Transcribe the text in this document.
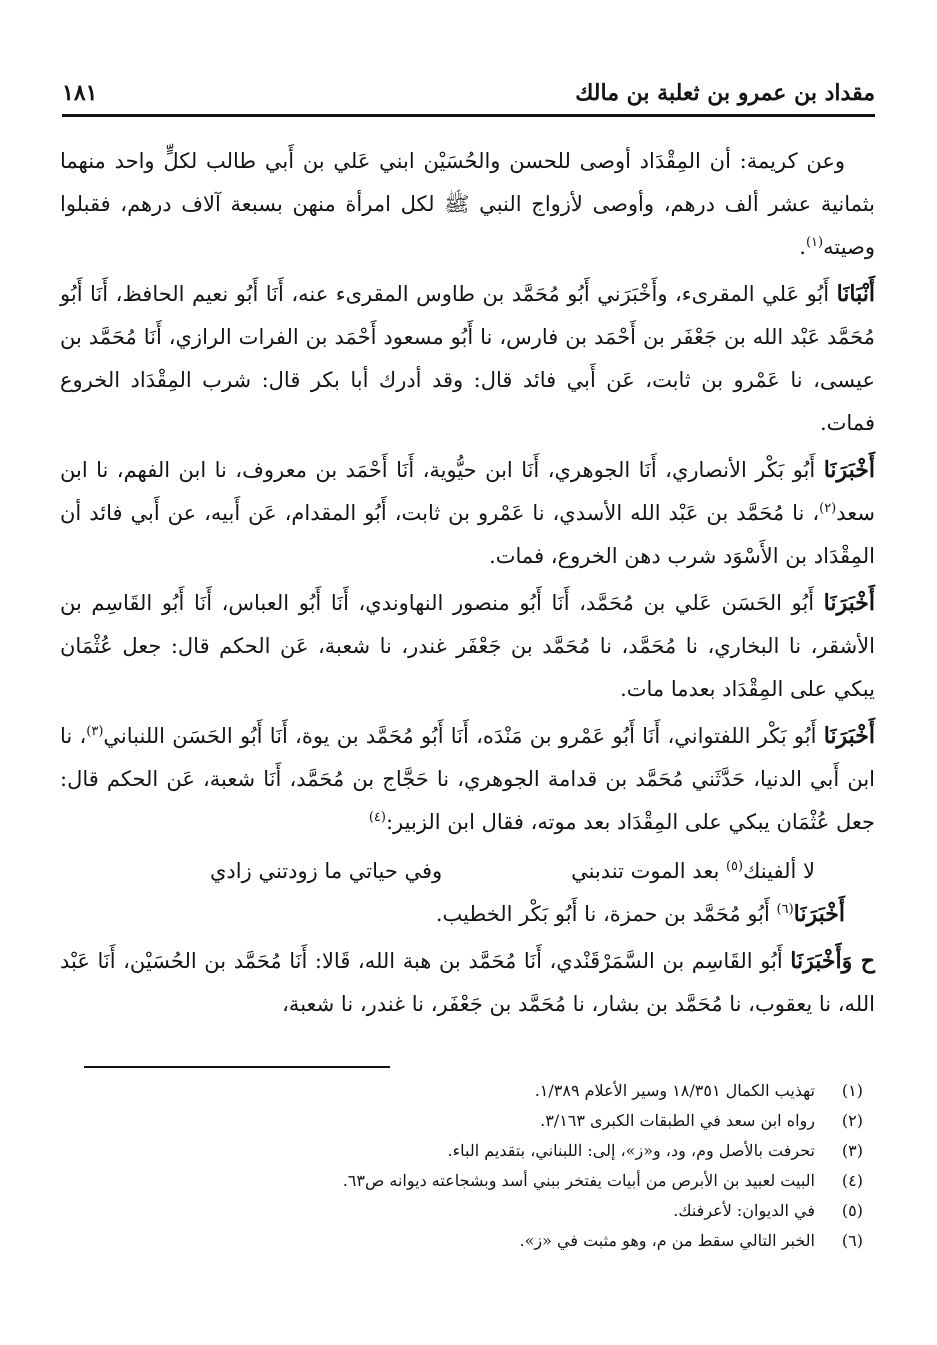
مقداد بن عمرو بن ثعلبة بن مالك
١٨١

وعن كريمة: أن المِقْدَاد أوصى للحسن والحُسَيْن ابني عَلي بن أَبي طالب لكلٍّ واحد منهما بثمانية عشر ألف درهم، وأوصى لأزواج النبي ﷺ لكل امرأة منهن بسبعة آلاف درهم، فقبلوا وصيته$^{(١)}$.

أَنْبَانَا أَبُو عَلي المقرىء، وأَخْبَرَني أَبُو مُحَمَّد بن طاوس المقرىء عنه، أَنَا أَبُو نعيم الحافظ، أَنَا أَبُو مُحَمَّد عَبْد الله بن جَعْفَر بن أَحْمَد بن فارس، نا أَبُو مسعود أَحْمَد بن الفرات الرازي، أَنَا مُحَمَّد بن عيسى، نا عَمْرو بن ثابت، عَن أَبي فائد قال: وقد أدرك أبا بكر قال: شرب المِقْدَاد الخروع فمات.

أَخْبَرَنَا أَبُو بَكْر الأنصاري، أَنَا الجوهري، أَنَا ابن حيُّوية، أَنَا أَحْمَد بن معروف، نا ابن الفهم، نا ابن سعد$^{(٢)}$، نا مُحَمَّد بن عَبْد الله الأسدي، نا عَمْرو بن ثابت، أَبُو المقدام، عَن أَبيه، عن أَبي فائد أن المِقْدَاد بن الأَسْوَد شرب دهن الخروع، فمات.

أَخْبَرَنَا أَبُو الحَسَن عَلي بن مُحَمَّد، أَنَا أَبُو منصور النهاوندي، أَنَا أَبُو العباس، أَنَا أَبُو القَاسِم بن الأشقر، نا البخاري، نا مُحَمَّد، نا مُحَمَّد بن جَعْفَر غندر، نا شعبة، عَن الحكم قال: جعل عُثْمَان يبكي على المِقْدَاد بعدما مات.

أَخْبَرَنَا أَبُو بَكْر اللفتواني، أَنَا أَبُو عَمْرو بن مَنْدَه، أَنَا أَبُو مُحَمَّد بن يوة، أَنَا أَبُو الحَسَن اللنباني$^{(٣)}$، نا ابن أَبي الدنيا، حَدَّثَني مُحَمَّد بن قدامة الجوهري، نا حَجَّاج بن مُحَمَّد، أَنَا شعبة، عَن الحكم قال: جعل عُثْمَان يبكي على المِقْدَاد بعد موته، فقال ابن الزبير:$^{(٤)}$

لا ألفينك$^{(٥)}$ بعد الموت تندبني
وفي حياتي ما زودتني زادي

أَخْبَرَنَا$^{(٦)}$ أَبُو مُحَمَّد بن حمزة، نا أَبُو بَكْر الخطيب.

ح وَأَخْبَرَنَا أَبُو القَاسِم بن السَّمَرْقَنْدي، أَنَا مُحَمَّد بن هبة الله، قَالا: أَنَا مُحَمَّد بن الحُسَيْن، أَنَا عَبْد الله، نا يعقوب، نا مُحَمَّد بن بشار، نا مُحَمَّد بن جَعْفَر، نا غندر، نا شعبة،

(١)
تهذيب الكمال ١٨/٣٥١ وسير الأعلام ١/٣٨٩.
(٢)
رواه ابن سعد في الطبقات الكبرى ٣/١٦٣.
(٣)
تحرفت بالأصل وم، ود، و«ز»، إلى: اللبناني، بتقديم الباء.
(٤)
البيت لعبيد بن الأبرص من أبيات يفتخر ببني أسد وبشجاعته ديوانه ص٦٣.
(٥)
في الديوان: لأعرفنك.
(٦)
الخبر التالي سقط من م، وهو مثبت في «ز».
